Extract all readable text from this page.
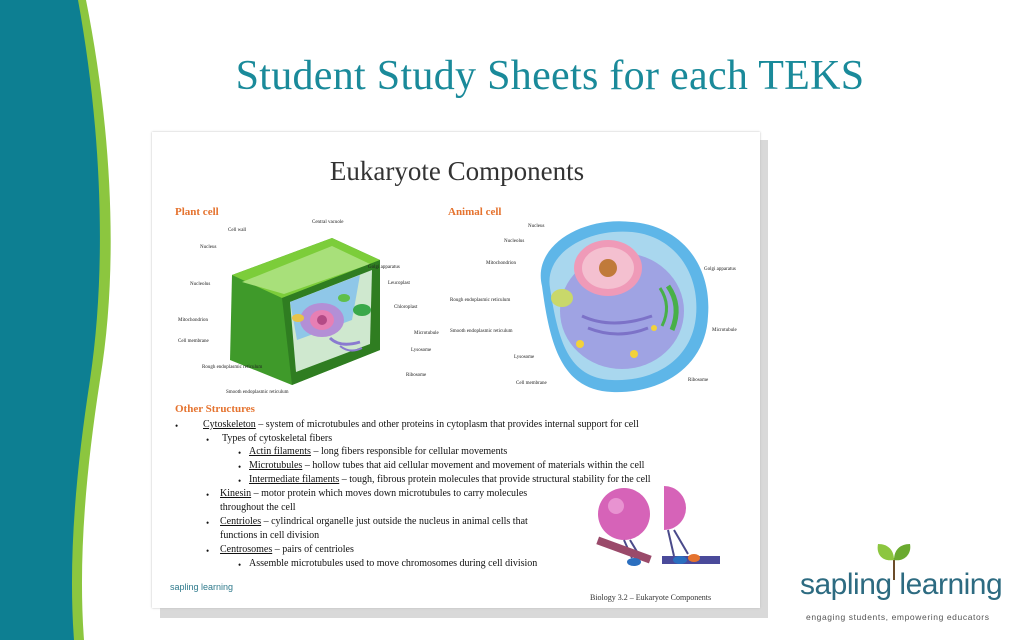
Student Study Sheets for each TEKS
Eukaryote Components
Plant cell	Animal cell
Cell wall
Central vacuole
Nucleus
Golgi apparatus
Leucoplast
Nucleolus
Chloroplast
Mitochondrion
Microtubule
Cell membrane
Lysosome
Rough endoplasmic reticulum
Ribosome
Smooth endoplasmic reticulum
Nucleus
Nucleolus
Mitochondrion
Golgi apparatus
Rough endoplasmic reticulum
Smooth endoplasmic reticulum	Microtubule
Lysosome
Ribosome
Cell membrane
Other Structures
• Cytoskeleton – system of microtubules and other proteins in cytoplasm that provides internal support for cell
• Types of cytoskeletal fibers
• Actin filaments – long fibers responsible for cellular movements
• Microtubules – hollow tubes that aid cellular movement and movement of materials within the cell
• Intermediate filaments – tough, fibrous protein molecules that provide structural stability for the cell
• Kinesin – motor protein which moves down microtubules to carry molecules
throughout the cell
• Centrioles – cylindrical organelle just outside the nucleus in animal cells that
functions in cell division
• Centrosomes – pairs of centrioles
• Assemble microtubules used to move chromosomes during cell division
sapling learning
Biology 3.2 – Eukaryote Components	sapling learning
engaging students, empowering educators
